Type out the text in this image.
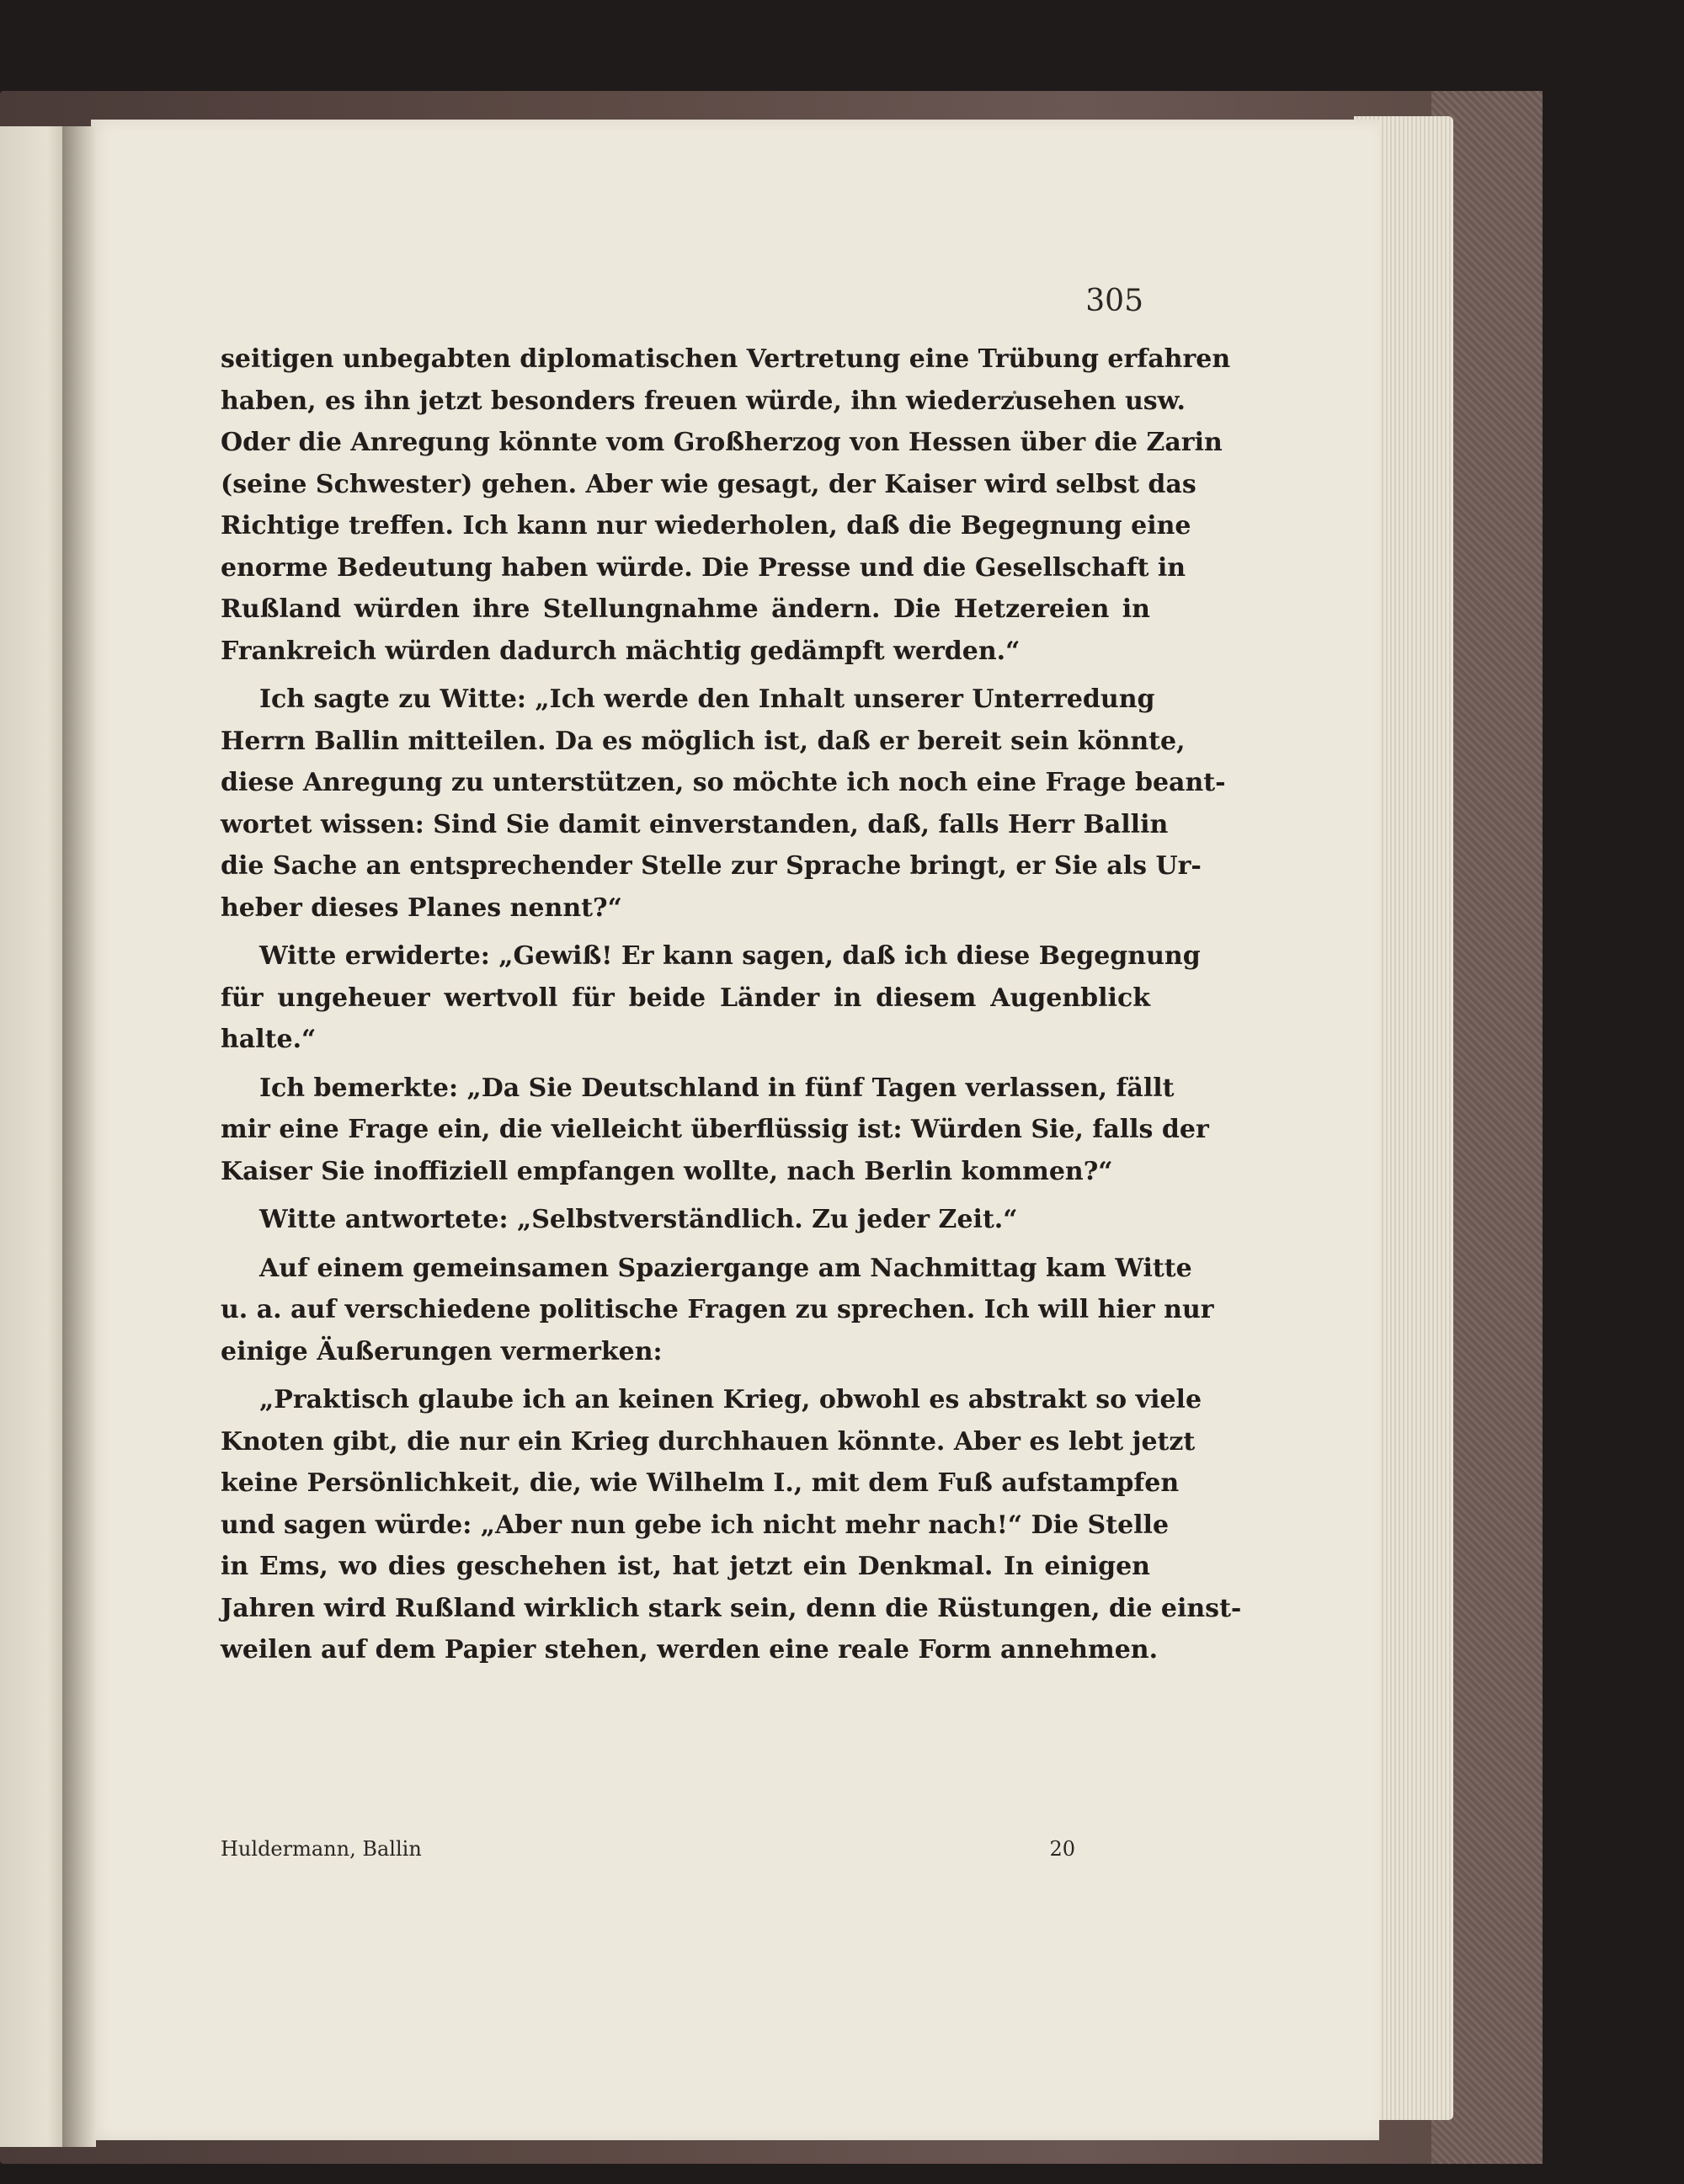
305

seitigen unbegabten diplomatischen Vertretung eine Trübung erfahren
haben, es ihn jetzt besonders freuen würde, ihn wiederzusehen usw.
Oder die Anregung könnte vom Großherzog von Hessen über die Zarin
(seine Schwester) gehen. Aber wie gesagt, der Kaiser wird selbst das
Richtige treffen. Ich kann nur wiederholen, daß die Begegnung eine
enorme Bedeutung haben würde. Die Presse und die Gesellschaft in
Rußland würden ihre Stellungnahme ändern. Die Hetzereien in
Frankreich würden dadurch mächtig gedämpft werden.“
Ich sagte zu Witte: „Ich werde den Inhalt unserer Unterredung
Herrn Ballin mitteilen. Da es möglich ist, daß er bereit sein könnte,
diese Anregung zu unterstützen, so möchte ich noch eine Frage beant-
wortet wissen: Sind Sie damit einverstanden, daß, falls Herr Ballin
die Sache an entsprechender Stelle zur Sprache bringt, er Sie als Ur-
heber dieses Planes nennt?“
Witte erwiderte: „Gewiß! Er kann sagen, daß ich diese Begegnung
für ungeheuer wertvoll für beide Länder in diesem Augenblick
halte.“
Ich bemerkte: „Da Sie Deutschland in fünf Tagen verlassen, fällt
mir eine Frage ein, die vielleicht überflüssig ist: Würden Sie, falls der
Kaiser Sie inoffiziell empfangen wollte, nach Berlin kommen?“
Witte antwortete: „Selbstverständlich. Zu jeder Zeit.“
Auf einem gemeinsamen Spaziergange am Nachmittag kam Witte
u. a. auf verschiedene politische Fragen zu sprechen. Ich will hier nur
einige Äußerungen vermerken:
„Praktisch glaube ich an keinen Krieg, obwohl es abstrakt so viele
Knoten gibt, die nur ein Krieg durchhauen könnte. Aber es lebt jetzt
keine Persönlichkeit, die, wie Wilhelm I., mit dem Fuß aufstampfen
und sagen würde: „Aber nun gebe ich nicht mehr nach!“ Die Stelle
in Ems, wo dies geschehen ist, hat jetzt ein Denkmal. In einigen
Jahren wird Rußland wirklich stark sein, denn die Rüstungen, die einst-
weilen auf dem Papier stehen, werden eine reale Form annehmen.
Huldermann, Ballin	20
